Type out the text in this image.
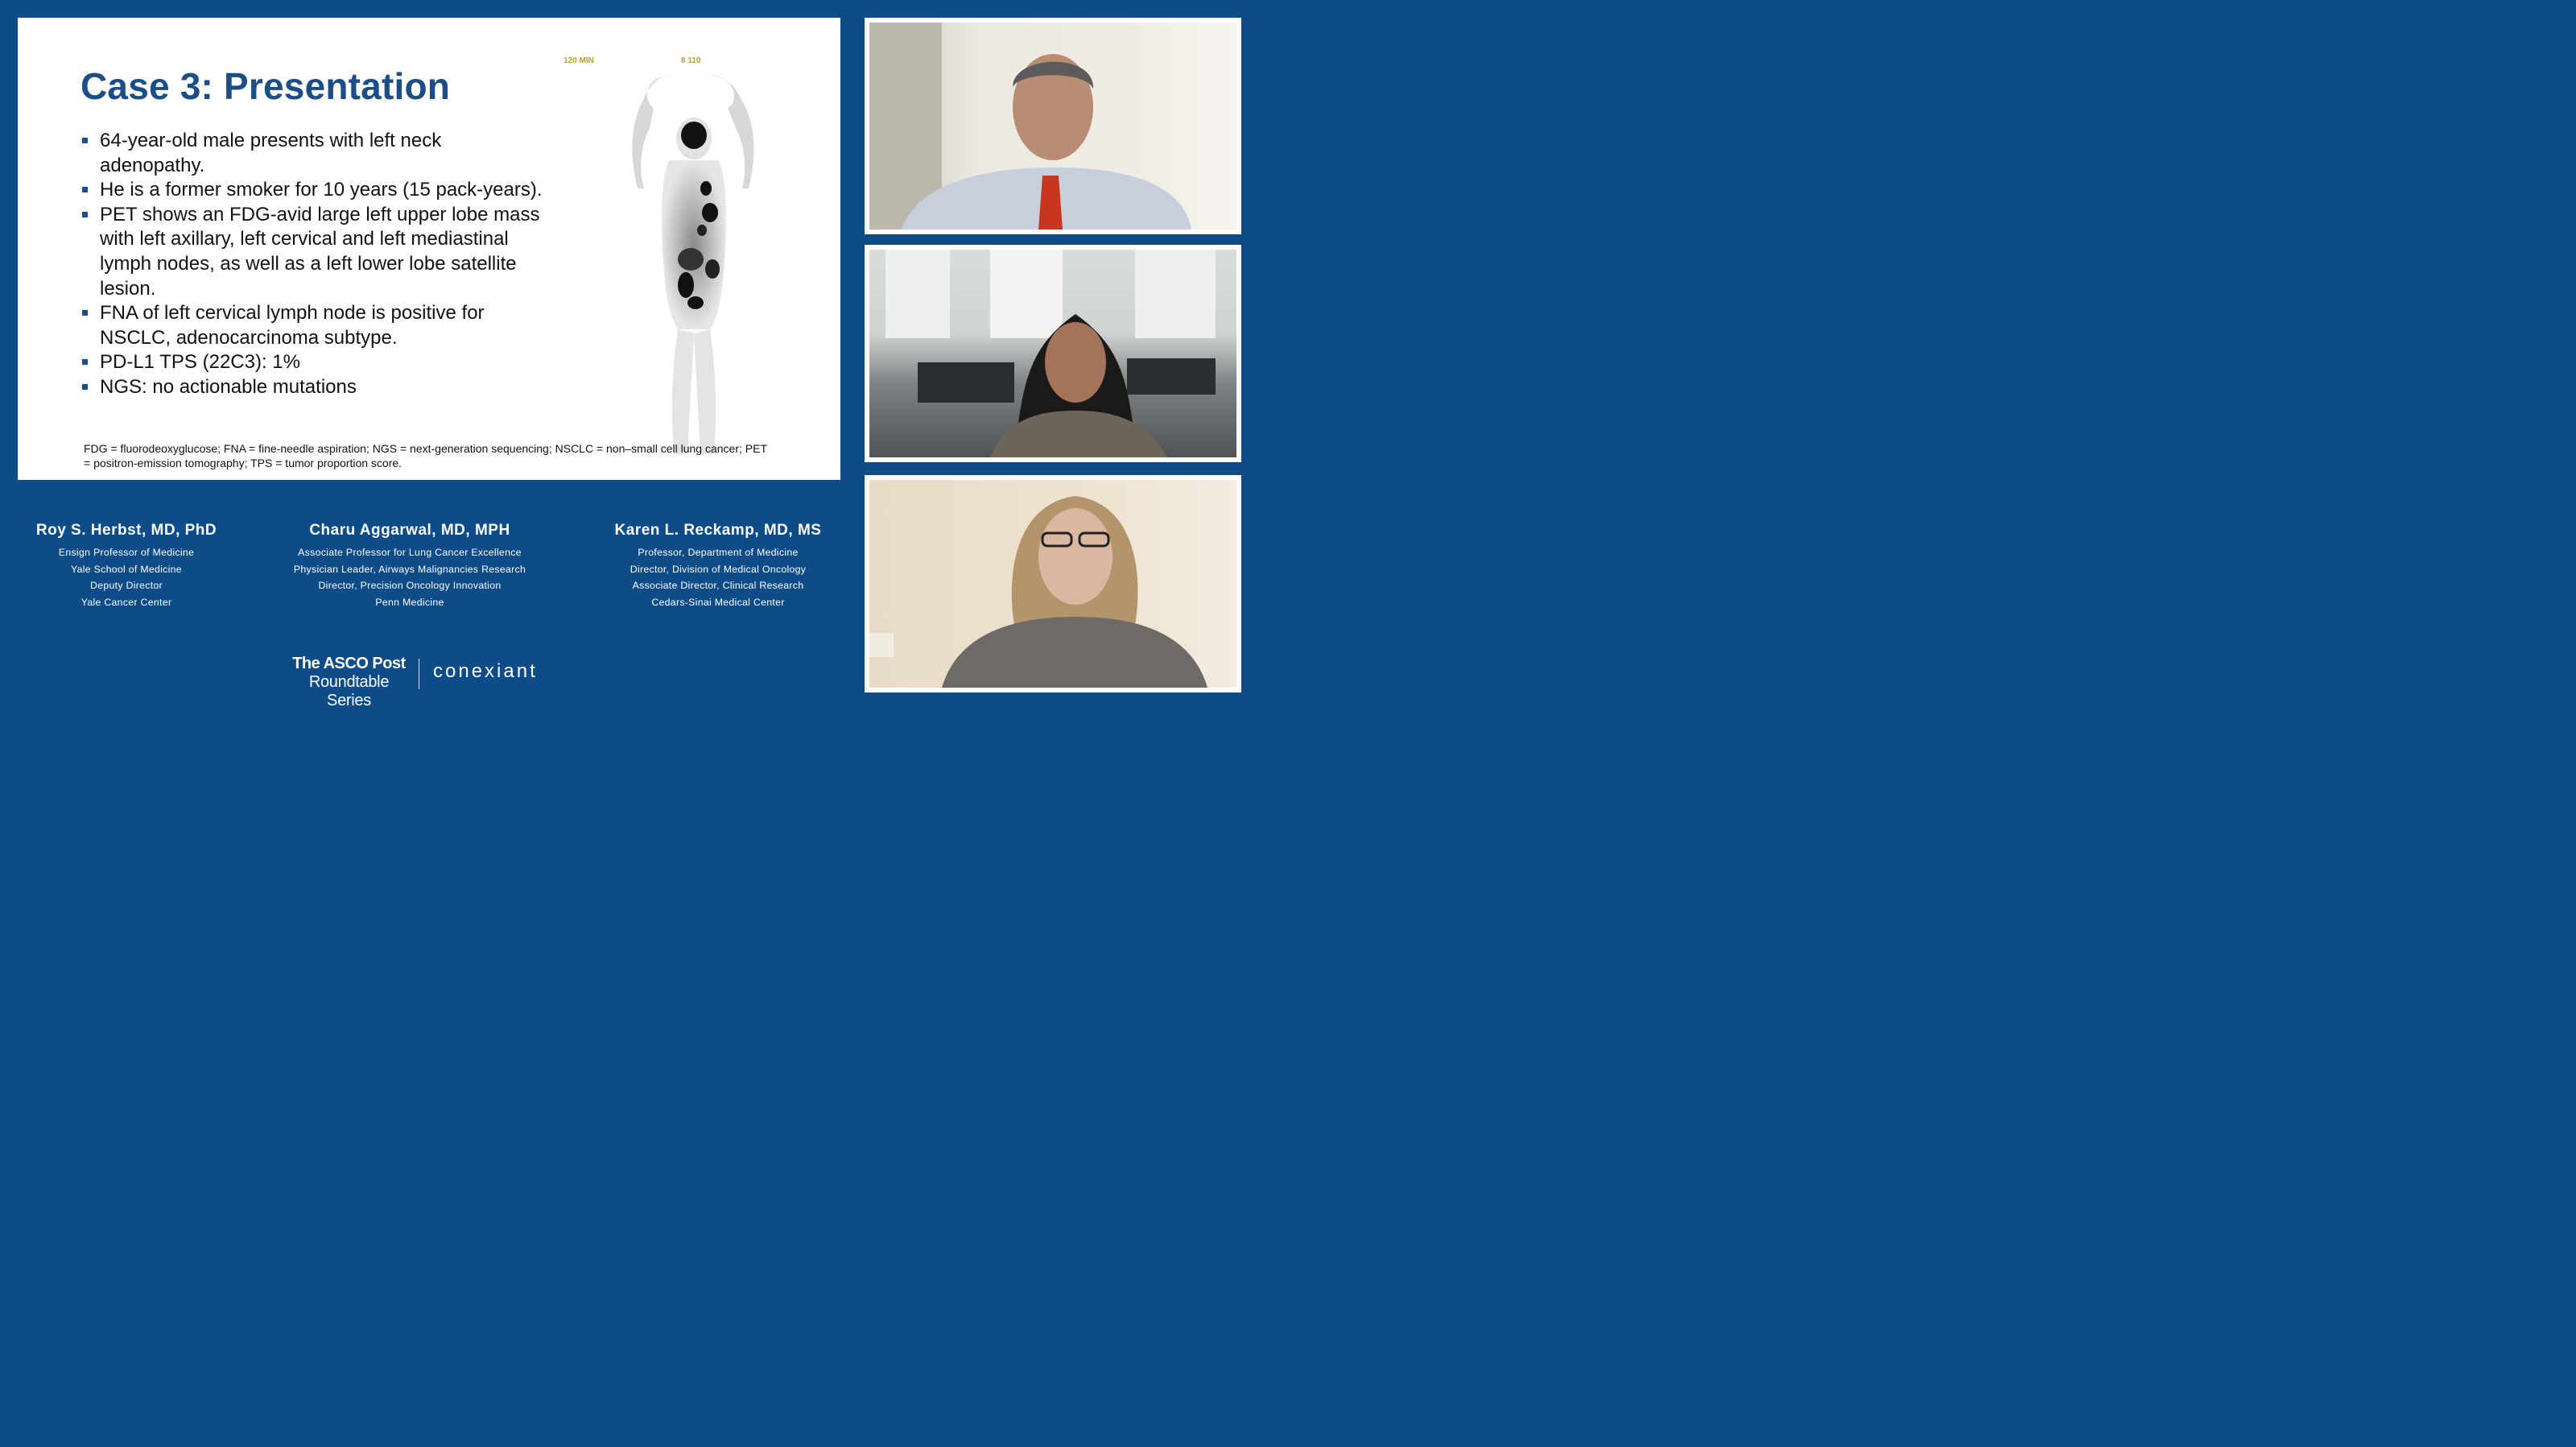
Case 3: Presentation
64-year-old male presents with left neck adenopathy.
He is a former smoker for 10 years (15 pack-years).
PET shows an FDG-avid large left upper lobe mass with left axillary, left cervical and left mediastinal lymph nodes, as well as a left lower lobe satellite lesion.
FNA of left cervical lymph node is positive for NSCLC, adenocarcinoma subtype.
PD-L1 TPS (22C3): 1%
NGS: no actionable mutations
120 MIN	8 110
FDG = fluorodeoxyglucose; FNA = fine-needle aspiration; NGS = next-generation sequencing; NSCLC = non–small cell lung cancer; PET = positron-emission tomography; TPS = tumor proportion score.
Roy S. Herbst, MD, PhD
Ensign Professor of Medicine
Yale School of Medicine
Deputy Director
Yale Cancer Center
Charu Aggarwal, MD, MPH
Associate Professor for Lung Cancer Excellence
Physician Leader, Airways Malignancies Research
Director, Precision Oncology Innovation
Penn Medicine
Karen L. Reckamp, MD, MS
Professor, Department of Medicine
Director, Division of Medical Oncology
Associate Director, Clinical Research
Cedars-Sinai Medical Center
The ASCO Post
Roundtable Series
conexiant
